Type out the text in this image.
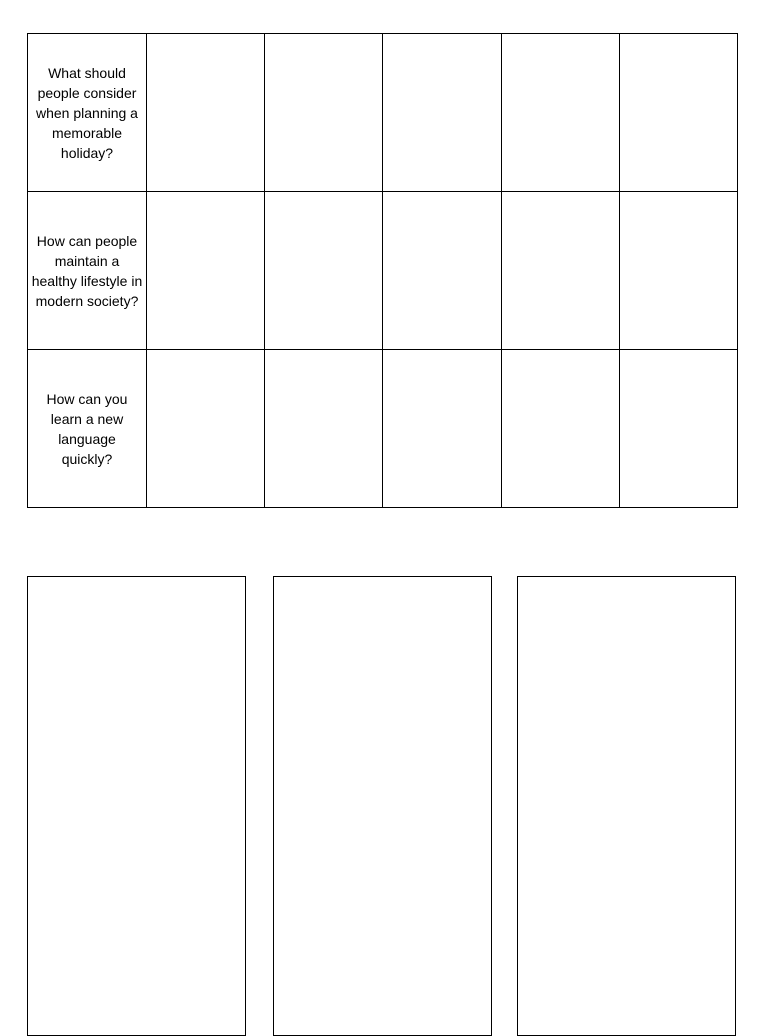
What should people consider when planning a memorable holiday?					

How can people maintain a healthy lifestyle in modern society?					

How can you learn a new language quickly?					
